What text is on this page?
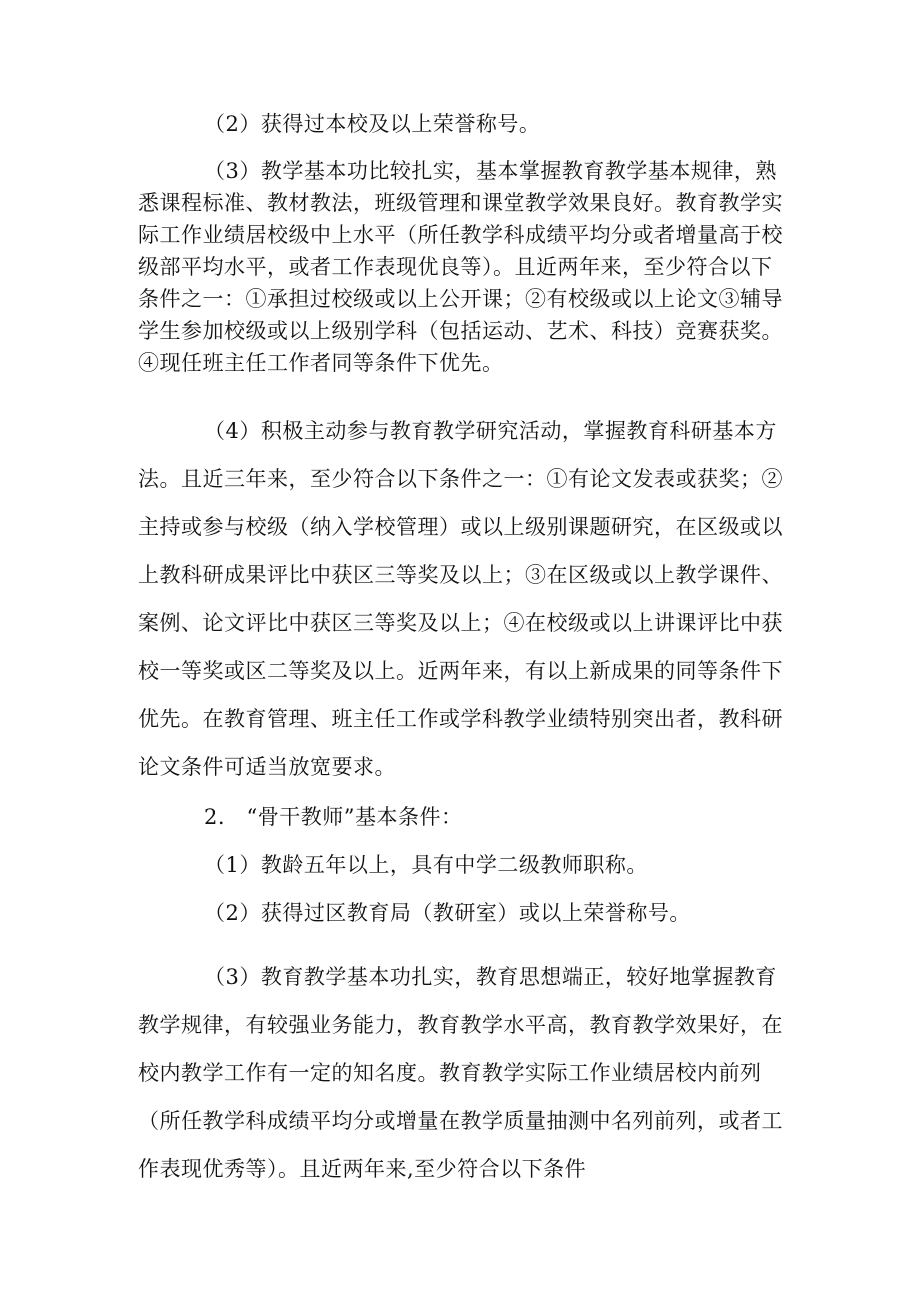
（2）获得过本校及以上荣誉称号。

（3）教学基本功比较扎实，基本掌握教育教学基本规律，熟悉课程标准、教材教法，班级管理和课堂教学效果良好。教育教学实际工作业绩居校级中上水平（所任教学科成绩平均分或者增量高于校级部平均水平，或者工作表现优良等）。且近两年来，至少符合以下条件之一：①承担过校级或以上公开课；②有校级或以上论文③辅导学生参加校级或以上级别学科（包括运动、艺术、科技）竞赛获奖。④现任班主任工作者同等条件下优先。

（4）积极主动参与教育教学研究活动，掌握教育科研基本方法。且近三年来，至少符合以下条件之一：①有论文发表或获奖；②主持或参与校级（纳入学校管理）或以上级别课题研究，在区级或以上教科研成果评比中获区三等奖及以上；③在区级或以上教学课件、案例、论文评比中获区三等奖及以上；④在校级或以上讲课评比中获校一等奖或区二等奖及以上。近两年来，有以上新成果的同等条件下优先。在教育管理、班主任工作或学科教学业绩特别突出者，教科研论文条件可适当放宽要求。

2.　“骨干教师”基本条件：

（1）教龄五年以上，具有中学二级教师职称。

（2）获得过区教育局（教研室）或以上荣誉称号。

（3）教育教学基本功扎实，教育思想端正，较好地掌握教育教学规律，有较强业务能力，教育教学水平高，教育教学效果好，在校内教学工作有一定的知名度。教育教学实际工作业绩居校内前列（所任教学科成绩平均分或增量在教学质量抽测中名列前列，或者工作表现优秀等）。且近两年来,至少符合以下条件
